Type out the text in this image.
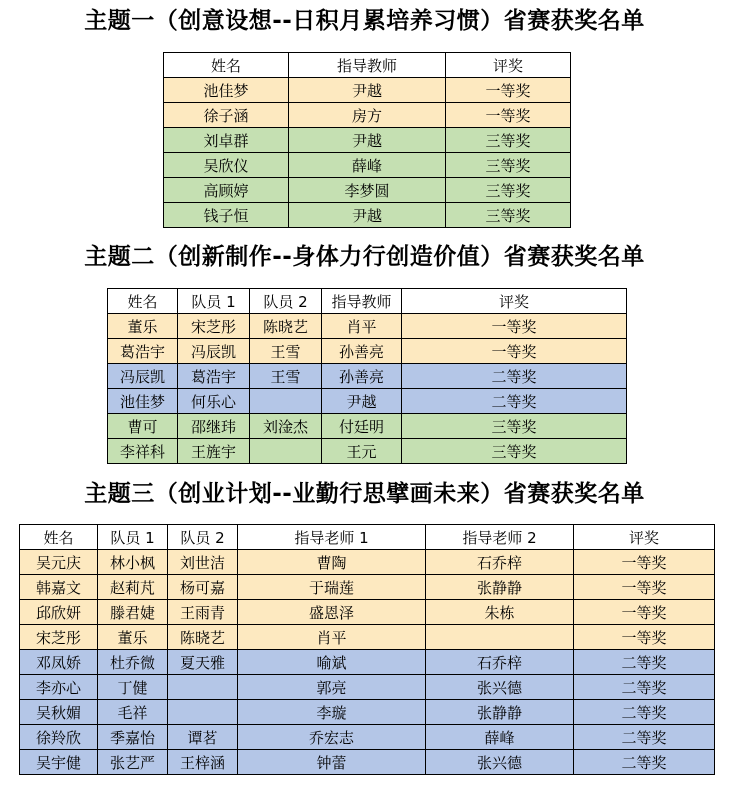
主题一（创意设想--日积月累培养习惯）省赛获奖名单
姓名	指导教师	评奖
池佳梦	尹越	一等奖
徐子涵	房方	一等奖
刘卓群	尹越	三等奖
吴欣仪	薛峰	三等奖
高顾婷	李梦圆	三等奖
钱子恒	尹越	三等奖
主题二（创新制作--身体力行创造价值）省赛获奖名单
姓名	队员 1	队员 2	指导教师	评奖
董乐	宋芝彤	陈晓艺	肖平	一等奖
葛浩宇	冯辰凯	王雪	孙善亮	一等奖
冯辰凯	葛浩宇	王雪	孙善亮	二等奖
池佳梦	何乐心		尹越	二等奖
曹可	邵继玮	刘淦杰	付廷明	三等奖
李祥科	王旌宇		王元	三等奖
主题三（创业计划--业勤行思擘画未来）省赛获奖名单
姓名	队员 1	队员 2	指导老师 1	指导老师 2	评奖
吴元庆	林小枫	刘世洁	曹陶	石乔梓	一等奖
韩嘉文	赵莉芃	杨可嘉	于瑞莲	张静静	一等奖
邱欣妍	滕君婕	王雨青	盛恩泽	朱栋	一等奖
宋芝彤	董乐	陈晓艺	肖平		一等奖
邓凤娇	杜乔微	夏天雅	喻斌	石乔梓	二等奖
李亦心	丁健		郭亮	张兴德	二等奖
吴秋媚	毛祥		李璇	张静静	二等奖
徐羚欣	季嘉怡	谭茗	乔宏志	薛峰	二等奖
吴宇健	张艺严	王梓涵	钟蕾	张兴德	二等奖
